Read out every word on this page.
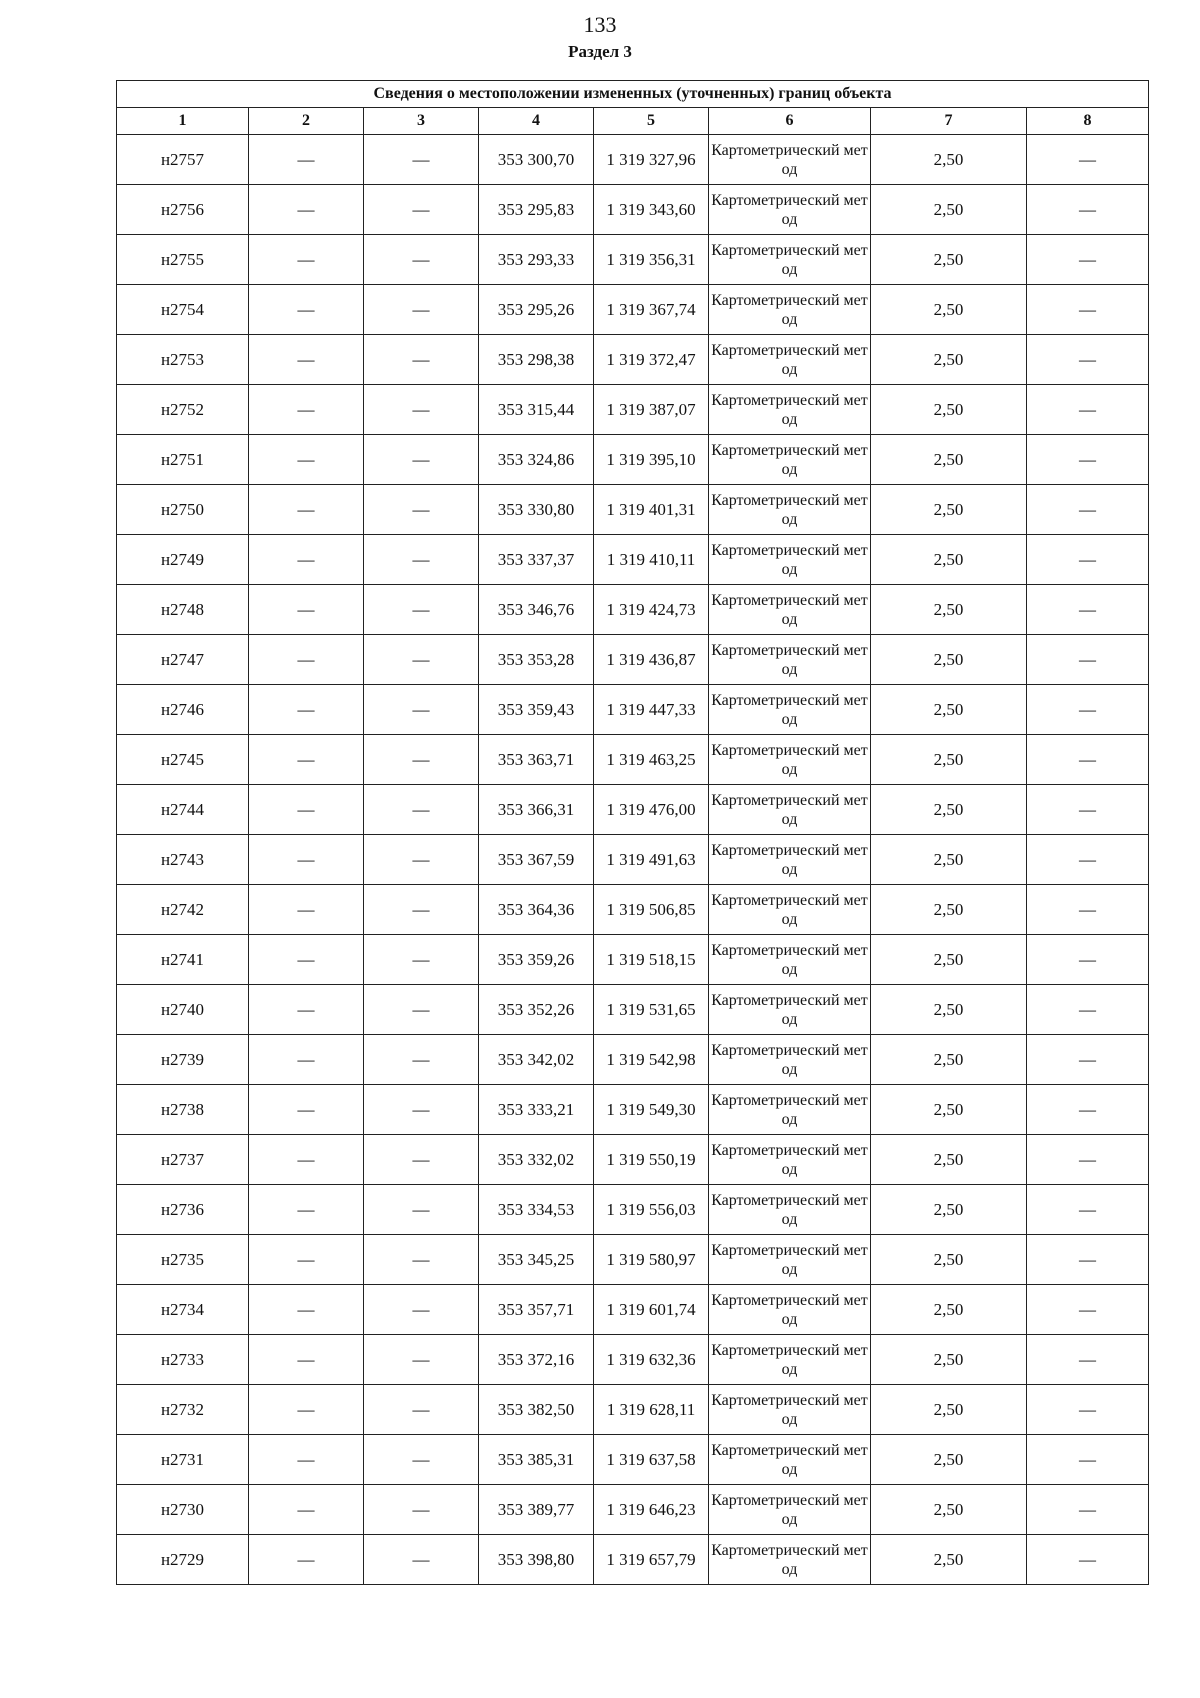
133
Раздел 3
Сведения о местоположении измененных (уточненных) границ объекта							
1	2	3	4	5	6	7	8
н2757	—	—	353 300,70	1 319 327,96	Картометрический метод	2,50	—
н2756	—	—	353 295,83	1 319 343,60	Картометрический метод	2,50	—
н2755	—	—	353 293,33	1 319 356,31	Картометрический метод	2,50	—
н2754	—	—	353 295,26	1 319 367,74	Картометрический метод	2,50	—
н2753	—	—	353 298,38	1 319 372,47	Картометрический метод	2,50	—
н2752	—	—	353 315,44	1 319 387,07	Картометрический метод	2,50	—
н2751	—	—	353 324,86	1 319 395,10	Картометрический метод	2,50	—
н2750	—	—	353 330,80	1 319 401,31	Картометрический метод	2,50	—
н2749	—	—	353 337,37	1 319 410,11	Картометрический метод	2,50	—
н2748	—	—	353 346,76	1 319 424,73	Картометрический метод	2,50	—
н2747	—	—	353 353,28	1 319 436,87	Картометрический метод	2,50	—
н2746	—	—	353 359,43	1 319 447,33	Картометрический метод	2,50	—
н2745	—	—	353 363,71	1 319 463,25	Картометрический метод	2,50	—
н2744	—	—	353 366,31	1 319 476,00	Картометрический метод	2,50	—
н2743	—	—	353 367,59	1 319 491,63	Картометрический метод	2,50	—
н2742	—	—	353 364,36	1 319 506,85	Картометрический метод	2,50	—
н2741	—	—	353 359,26	1 319 518,15	Картометрический метод	2,50	—
н2740	—	—	353 352,26	1 319 531,65	Картометрический метод	2,50	—
н2739	—	—	353 342,02	1 319 542,98	Картометрический метод	2,50	—
н2738	—	—	353 333,21	1 319 549,30	Картометрический метод	2,50	—
н2737	—	—	353 332,02	1 319 550,19	Картометрический метод	2,50	—
н2736	—	—	353 334,53	1 319 556,03	Картометрический метод	2,50	—
н2735	—	—	353 345,25	1 319 580,97	Картометрический метод	2,50	—
н2734	—	—	353 357,71	1 319 601,74	Картометрический метод	2,50	—
н2733	—	—	353 372,16	1 319 632,36	Картометрический метод	2,50	—
н2732	—	—	353 382,50	1 319 628,11	Картометрический метод	2,50	—
н2731	—	—	353 385,31	1 319 637,58	Картометрический метод	2,50	—
н2730	—	—	353 389,77	1 319 646,23	Картометрический метод	2,50	—
н2729	—	—	353 398,80	1 319 657,79	Картометрический метод	2,50	—
